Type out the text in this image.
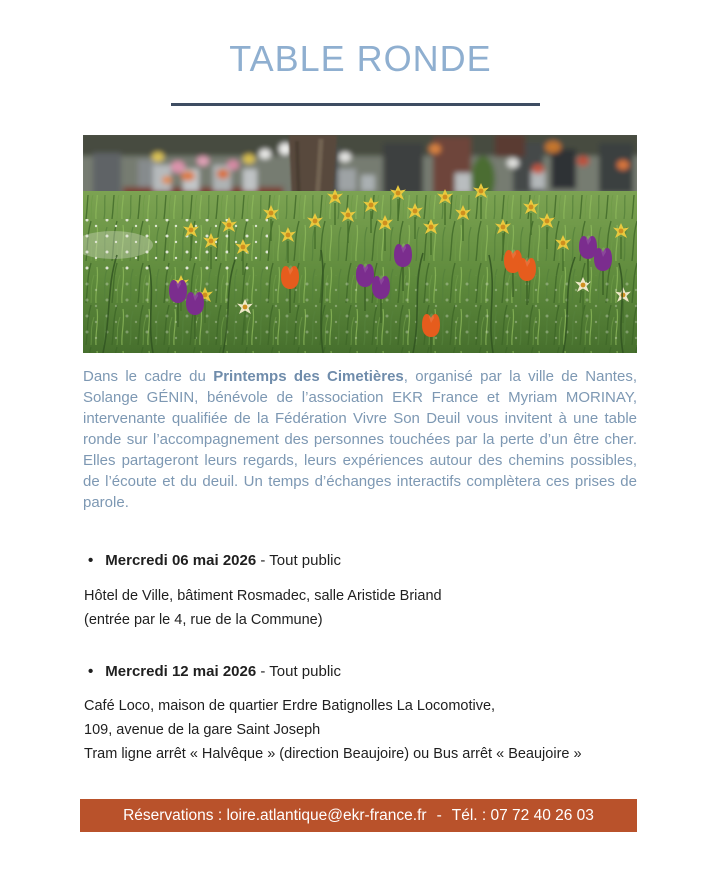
TABLE RONDE

Dans le cadre du Printemps des Cimetières, organisé par la ville de Nantes, Solange GÉNIN, bénévole de l’association EKR France et Myriam MORINAY, intervenante qualifiée de la Fédération Vivre Son Deuil vous invitent à une table ronde sur l’accompagnement des personnes touchées par la perte d’un être cher. Elles partageront leurs regards, leurs expériences autour des chemins possibles, de l’écoute et du deuil. Un temps d’échanges interactifs complètera ces prises de parole.

• Mercredi 06 mai 2026 - Tout public
Hôtel de Ville, bâtiment Rosmadec, salle Aristide Briand
(entrée par le 4, rue de la Commune)
• Mercredi 12 mai 2026 - Tout public
Café Loco, maison de quartier Erdre Batignolles La Locomotive,
109, avenue de la gare Saint Joseph
Tram ligne arrêt « Halvêque » (direction Beaujoire) ou Bus arrêt « Beaujoire »
Réservations : loire.atlantique@ekr-france.fr - Tél. : 07 72 40 26 03
